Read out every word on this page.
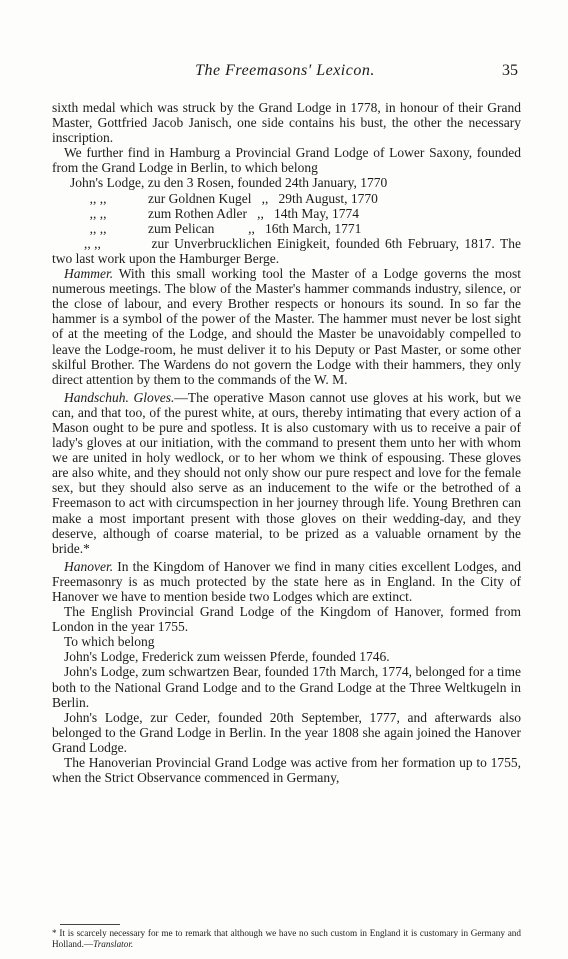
The Freemasons' Lexicon.	35

sixth medal which was struck by the Grand Lodge in 1778, in honour of their Grand Master, Gottfried Jacob Janisch, one side contains his bust, the other the necessary inscription.

We further find in Hamburg a Provincial Grand Lodge of Lower Saxony, founded from the Grand Lodge in Berlin, to which belong

John's Lodge, zu den 3 Rosen, founded 24th January, 1770
,, ,,	zur Goldnen Kugel   ,,   29th August, 1770
,, ,,	zum Rothen Adler   ,,   14th May, 1774
,, ,,	zum Pelican          ,,   16th March, 1771

,, ,,	zur Unverbrucklichen Einigkeit, founded 6th February, 1817. The two last work upon the Hamburger Berge.

Hammer. With this small working tool the Master of a Lodge governs the most numerous meetings. The blow of the Master's hammer commands industry, silence, or the close of labour, and every Brother respects or honours its sound. In so far the hammer is a symbol of the power of the Master. The hammer must never be lost sight of at the meeting of the Lodge, and should the Master be unavoidably compelled to leave the Lodge-room, he must deliver it to his Deputy or Past Master, or some other skilful Brother. The Wardens do not govern the Lodge with their hammers, they only direct attention by them to the commands of the W. M.

Handschuh. Gloves.—The operative Mason cannot use gloves at his work, but we can, and that too, of the purest white, at ours, thereby intimating that every action of a Mason ought to be pure and spotless. It is also customary with us to receive a pair of lady's gloves at our initiation, with the command to present them unto her with whom we are united in holy wedlock, or to her whom we think of espousing. These gloves are also white, and they should not only show our pure respect and love for the female sex, but they should also serve as an inducement to the wife or the betrothed of a Freemason to act with circumspection in her journey through life. Young Brethren can make a most important present with those gloves on their wedding-day, and they deserve, although of coarse material, to be prized as a valuable ornament by the bride.*

Hanover. In the Kingdom of Hanover we find in many cities excellent Lodges, and Freemasonry is as much protected by the state here as in England. In the City of Hanover we have to mention beside two Lodges which are extinct.

The English Provincial Grand Lodge of the Kingdom of Hanover, formed from London in the year 1755.

To which belong

John's Lodge, Frederick zum weissen Pferde, founded 1746.

John's Lodge, zum schwartzen Bear, founded 17th March, 1774, belonged for a time both to the National Grand Lodge and to the Grand Lodge at the Three Weltkugeln in Berlin.

John's Lodge, zur Ceder, founded 20th September, 1777, and afterwards also belonged to the Grand Lodge in Berlin. In the year 1808 she again joined the Hanover Grand Lodge.

The Hanoverian Provincial Grand Lodge was active from her formation up to 1755, when the Strict Observance commenced in Germany,

* It is scarcely necessary for me to remark that although we have no such custom in England it is customary in Germany and Holland.—Translator.
